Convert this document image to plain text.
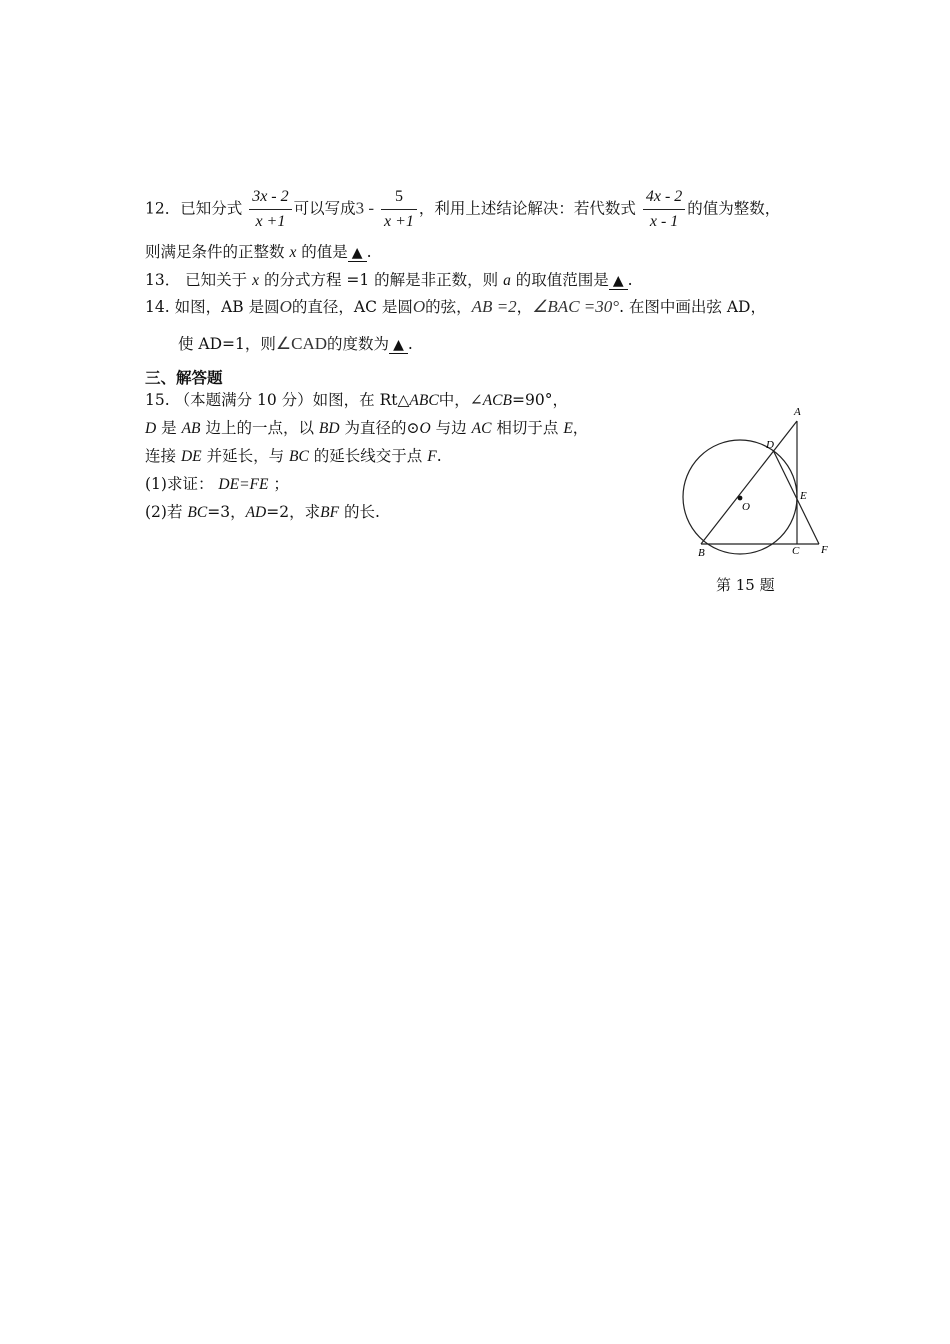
12．已知分式 $\frac{3x - 2}{x +1}$ 可以写成$3 - \frac{5}{x +1}$ ，利用上述结论解决：若代数式 $\frac{4x - 2}{x - 1}$ 的值为整数，
则满足条件的正整数 x 的值是 ▲ .
13． 已知关于 x 的分式方程 =1 的解是非正数，则 a 的取值范围是 ▲ .
14. 如图，AB 是圆O的直径，AC 是圆O的弦，AB =2，∠BAC =30°. 在图中画出弦 AD，
使 AD=1，则∠CAD的度数为 ▲ .
三、解答题
15. （本题满分 10 分）如图，在 Rt△ABC中，∠ACB=90°，
D 是 AB 边上的一点，以 BD 为直径的⊙O 与边 AC 相切于点 E，
连接 DE 并延长，与 BC 的延长线交于点 F.
(1)求证： DE=FE ；
(2)若 BC=3，AD=2，求BF 的长.
A
D
E
O
B	C F
第 15 题
